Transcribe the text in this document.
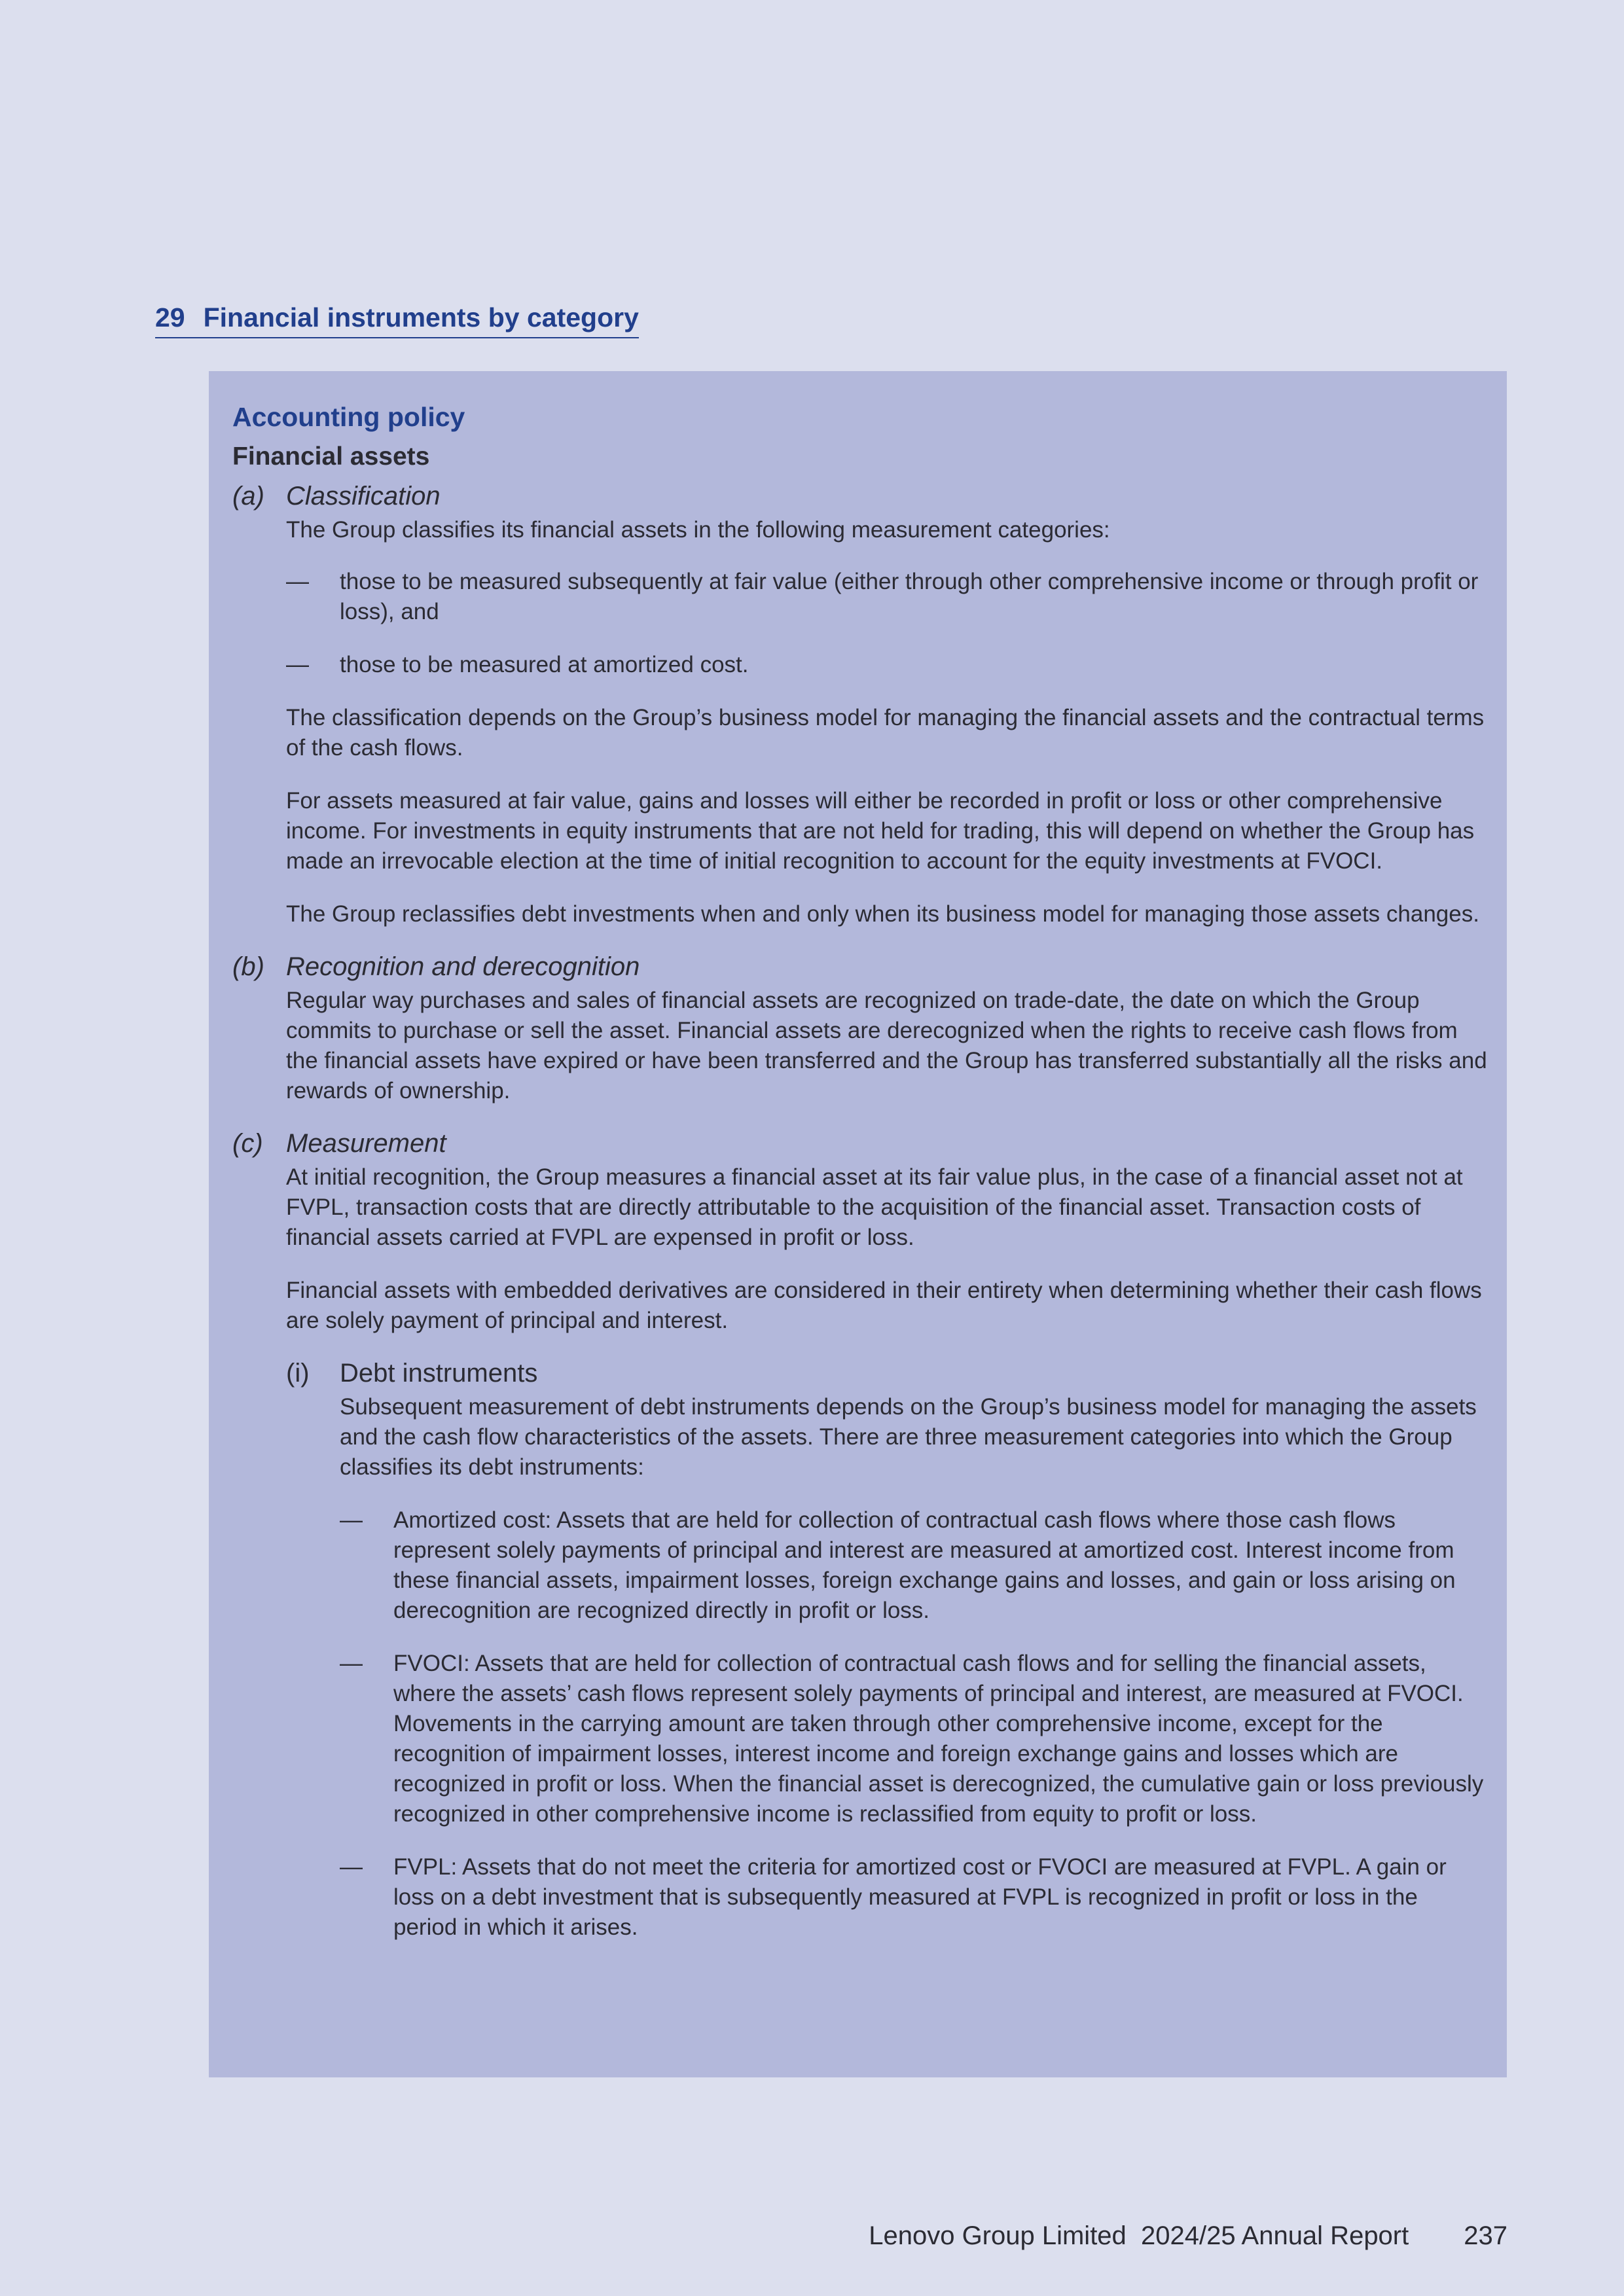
29 Financial instruments by category
Accounting policy
Financial assets
(a) Classification

The Group classifies its financial assets in the following measurement categories:

—	those to be measured subsequently at fair value (either through other comprehensive income or through profit or loss), and
—	those to be measured at amortized cost.

The classification depends on the Group’s business model for managing the financial assets and the contractual terms of the cash flows.

For assets measured at fair value, gains and losses will either be recorded in profit or loss or other comprehensive income. For investments in equity instruments that are not held for trading, this will depend on whether the Group has made an irrevocable election at the time of initial recognition to account for the equity investments at FVOCI.

The Group reclassifies debt investments when and only when its business model for managing those assets changes.

(b) Recognition and derecognition

Regular way purchases and sales of financial assets are recognized on trade-date, the date on which the Group commits to purchase or sell the asset. Financial assets are derecognized when the rights to receive cash flows from the financial assets have expired or have been transferred and the Group has transferred substantially all the risks and rewards of ownership.

(c) Measurement

At initial recognition, the Group measures a financial asset at its fair value plus, in the case of a financial asset not at FVPL, transaction costs that are directly attributable to the acquisition of the financial asset. Transaction costs of financial assets carried at FVPL are expensed in profit or loss.

Financial assets with embedded derivatives are considered in their entirety when determining whether their cash flows are solely payment of principal and interest.

(i)	Debt instruments

Subsequent measurement of debt instruments depends on the Group’s business model for managing the assets and the cash flow characteristics of the assets. There are three measurement categories into which the Group classifies its debt instruments:

—	Amortized cost: Assets that are held for collection of contractual cash flows where those cash flows represent solely payments of principal and interest are measured at amortized cost. Interest income from these financial assets, impairment losses, foreign exchange gains and losses, and gain or loss arising on derecognition are recognized directly in profit or loss.
—	FVOCI: Assets that are held for collection of contractual cash flows and for selling the financial assets, where the assets’ cash flows represent solely payments of principal and interest, are measured at FVOCI. Movements in the carrying amount are taken through other comprehensive income, except for the recognition of impairment losses, interest income and foreign exchange gains and losses which are recognized in profit or loss. When the financial asset is derecognized, the cumulative gain or loss previously recognized in other comprehensive income is reclassified from equity to profit or loss.
—	FVPL: Assets that do not meet the criteria for amortized cost or FVOCI are measured at FVPL. A gain or loss on a debt investment that is subsequently measured at FVPL is recognized in profit or loss in the period in which it arises.
Lenovo Group Limited  2024/25 Annual Report 237
